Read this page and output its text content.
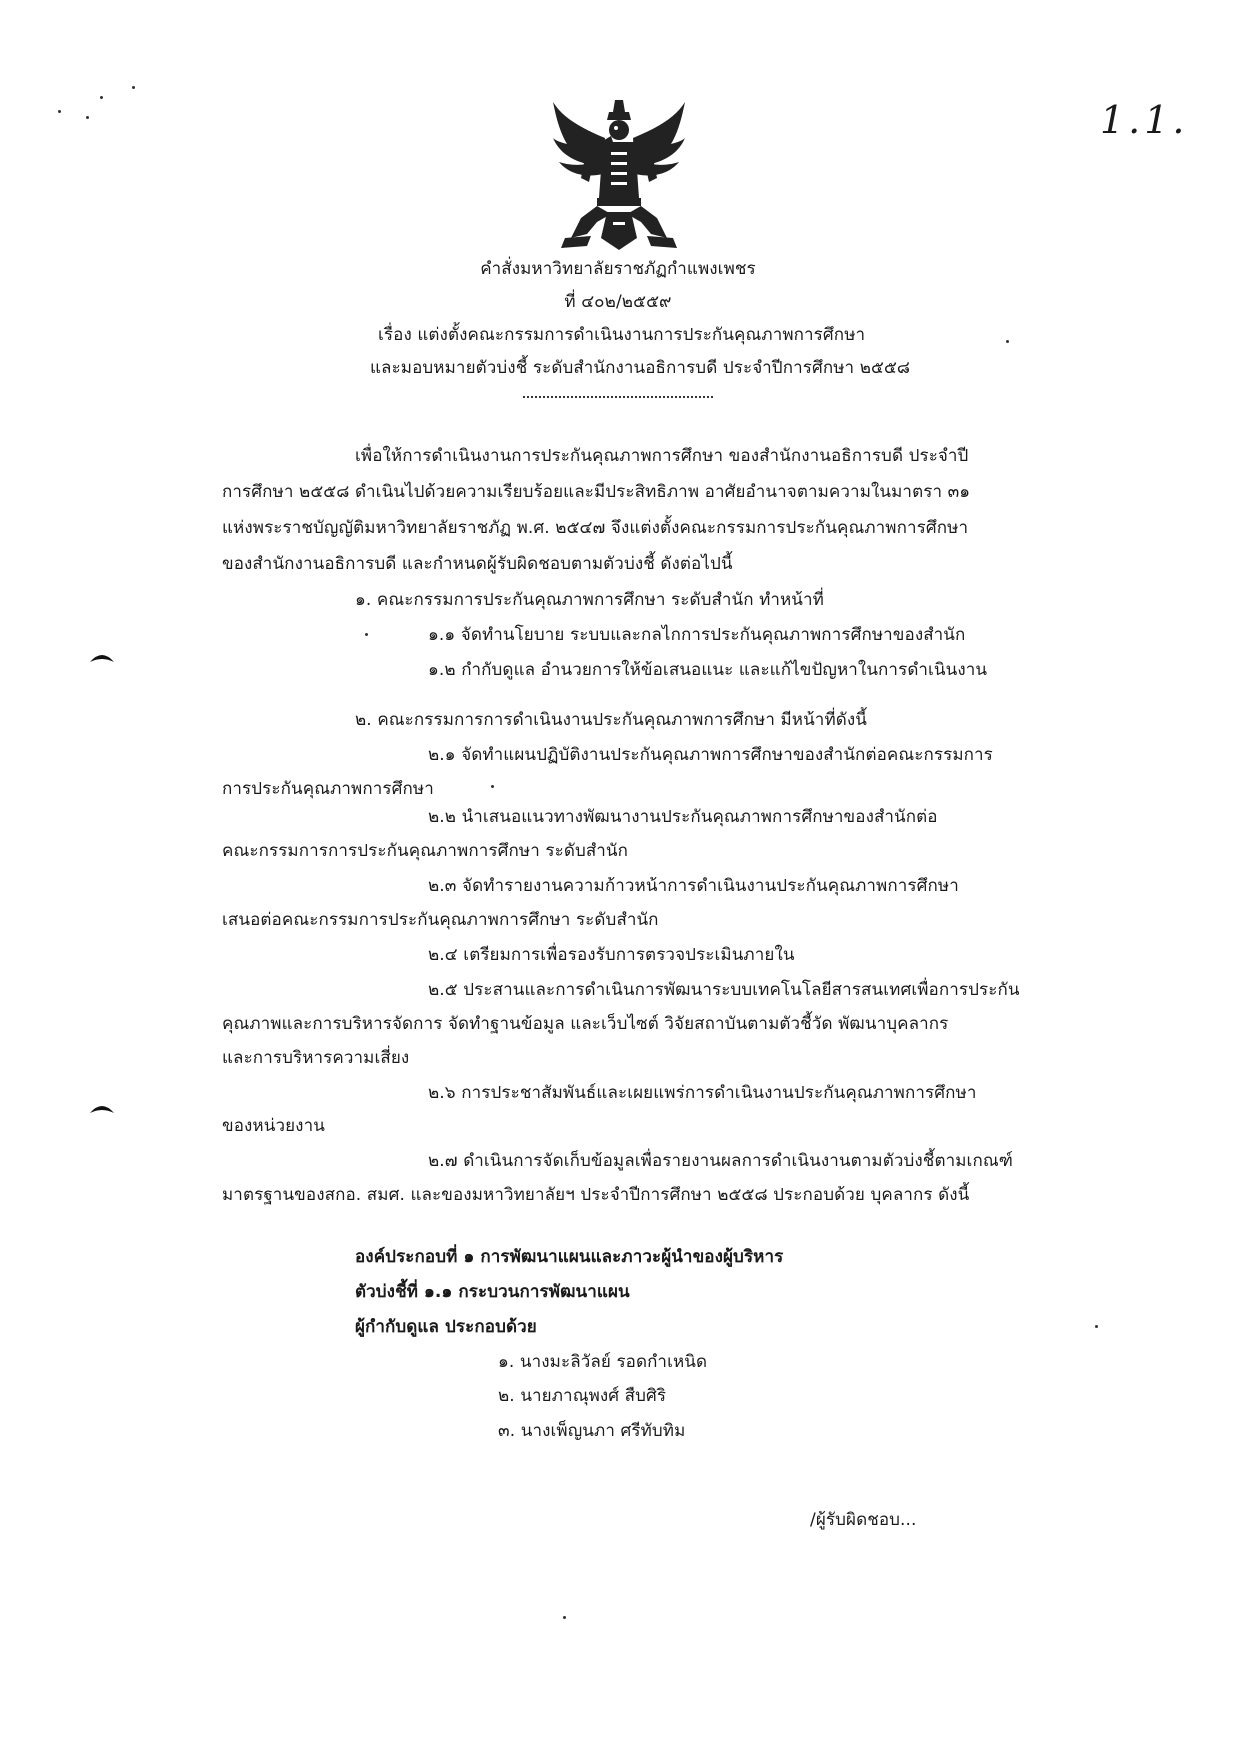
1.1.
คำสั่งมหาวิทยาลัยราชภัฏกำแพงเพชร
ที่ ๔๐๒/๒๕๕๙
เรื่อง แต่งตั้งคณะกรรมการดำเนินงานการประกันคุณภาพการศึกษา
และมอบหมายตัวบ่งชี้ ระดับสำนักงานอธิการบดี ประจำปีการศึกษา ๒๕๕๘
เพื่อให้การดำเนินงานการประกันคุณภาพการศึกษา ของสำนักงานอธิการบดี ประจำปี
การศึกษา ๒๕๕๘ ดำเนินไปด้วยความเรียบร้อยและมีประสิทธิภาพ อาศัยอำนาจตามความในมาตรา ๓๑
แห่งพระราชบัญญัติมหาวิทยาลัยราชภัฏ พ.ศ. ๒๕๔๗ จึงแต่งตั้งคณะกรรมการประกันคุณภาพการศึกษา
ของสำนักงานอธิการบดี และกำหนดผู้รับผิดชอบตามตัวบ่งชี้ ดังต่อไปนี้
๑. คณะกรรมการประกันคุณภาพการศึกษา ระดับสำนัก ทำหน้าที่
๑.๑ จัดทำนโยบาย ระบบและกลไกการประกันคุณภาพการศึกษาของสำนัก
๑.๒ กำกับดูแล อำนวยการให้ข้อเสนอแนะ และแก้ไขปัญหาในการดำเนินงาน
๒. คณะกรรมการการดำเนินงานประกันคุณภาพการศึกษา มีหน้าที่ดังนี้
๒.๑ จัดทำแผนปฏิบัติงานประกันคุณภาพการศึกษาของสำนักต่อคณะกรรมการ
การประกันคุณภาพการศึกษา
๒.๒ นำเสนอแนวทางพัฒนางานประกันคุณภาพการศึกษาของสำนักต่อ
คณะกรรมการการประกันคุณภาพการศึกษา ระดับสำนัก
๒.๓ จัดทำรายงานความก้าวหน้าการดำเนินงานประกันคุณภาพการศึกษา
เสนอต่อคณะกรรมการประกันคุณภาพการศึกษา ระดับสำนัก
๒.๔ เตรียมการเพื่อรองรับการตรวจประเมินภายใน
๒.๕ ประสานและการดำเนินการพัฒนาระบบเทคโนโลยีสารสนเทศเพื่อการประกัน
คุณภาพและการบริหารจัดการ จัดทำฐานข้อมูล และเว็บไซต์ วิจัยสถาบันตามตัวชี้วัด พัฒนาบุคลากร
และการบริหารความเสี่ยง
๒.๖ การประชาสัมพันธ์และเผยแพร่การดำเนินงานประกันคุณภาพการศึกษา
ของหน่วยงาน
๒.๗ ดำเนินการจัดเก็บข้อมูลเพื่อรายงานผลการดำเนินงานตามตัวบ่งชี้ตามเกณฑ์
มาตรฐานของสกอ. สมศ. และของมหาวิทยาลัยฯ ประจำปีการศึกษา ๒๕๕๘ ประกอบด้วย บุคลากร ดังนี้
องค์ประกอบที่ ๑ การพัฒนาแผนและภาวะผู้นำของผู้บริหาร
ตัวบ่งชี้ที่ ๑.๑ กระบวนการพัฒนาแผน
ผู้กำกับดูแล ประกอบด้วย
๑. นางมะลิวัลย์ รอดกำเหนิด
๒. นายภาณุพงศ์ สืบศิริ
๓. นางเพ็ญนภา ศรีทับทิม
/ผู้รับผิดชอบ...
